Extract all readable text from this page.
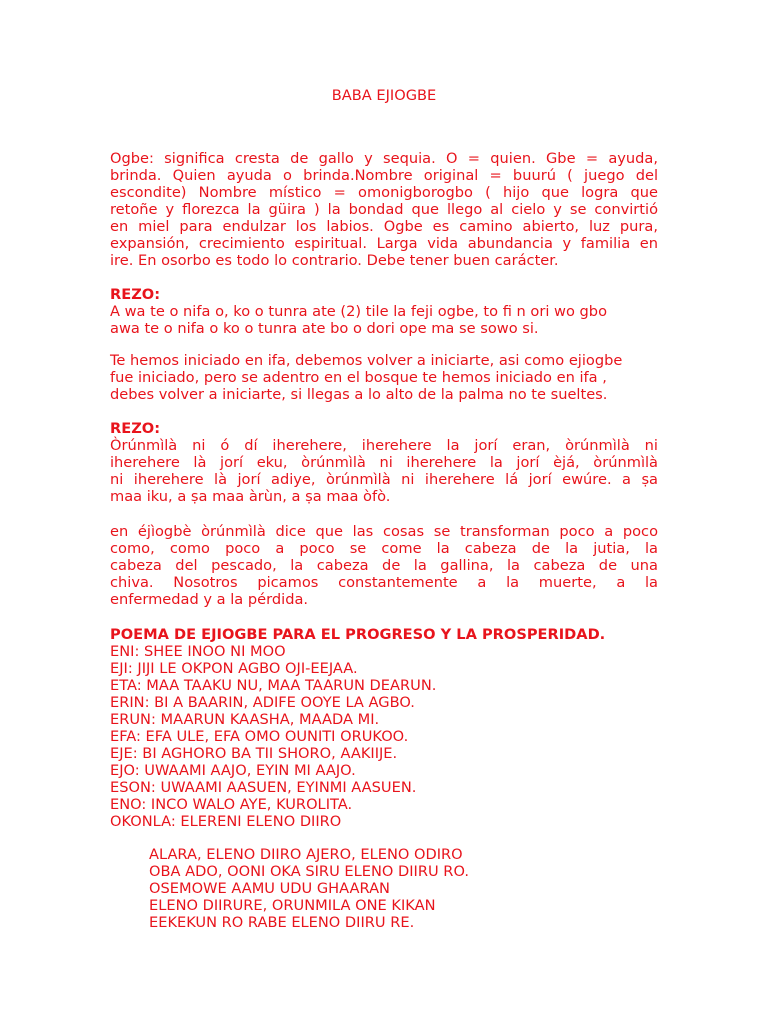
BABA EJIOGBE
Ogbe: significa cresta de gallo y sequia. O = quien. Gbe = ayuda,
brinda. Quien ayuda o brinda.Nombre original = buurú ( juego del
escondite) Nombre místico = omonigborogbo ( hijo que logra que
retoñe y florezca la güira ) la bondad que llego al cielo y se convirtió
en miel para endulzar los labios. Ogbe es camino abierto, luz pura,
expansión, crecimiento espiritual. Larga vida abundancia y familia en
ire. En osorbo es todo lo contrario. Debe tener buen carácter.
REZO:
A wa te o nifa o, ko o tunra ate (2) tile la feji ogbe, to fi n ori wo gbo
awa te o nifa o ko o tunra ate bo o dori ope ma se sowo si.
Te hemos iniciado en ifa, debemos volver a iniciarte, asi como ejiogbe
fue iniciado, pero se adentro en el bosque te hemos iniciado en ifa ,
debes volver a iniciarte, si llegas a lo alto de la palma no te sueltes.
REZO:
Òrúnmìlà ni ó dí iherehere, iherehere la jorí eran, òrúnmìlà ni
iherehere là jorí eku, òrúnmìlà ni iherehere la jorí èjá, òrúnmìlà
ni iherehere là jorí adiye, òrúnmìlà ni iherehere lá jorí ewúre. a ṣa
maa iku, a ṣa maa àrùn, a ṣa maa òfò.
en éjìogbè òrúnmìlà dice que las cosas se transforman poco a poco
como, como poco a poco se come la cabeza de la jutia, la
cabeza del pescado, la cabeza de la gallina, la cabeza de una
chiva. Nosotros picamos constantemente a la muerte, a la
enfermedad y a la pérdida.
POEMA DE EJIOGBE PARA EL PROGRESO Y LA PROSPERIDAD.
ENI: SHEE INOO NI MOO
EJI: JIJI LE OKPON AGBO OJI-EEJAA.
ETA: MAA TAAKU NU, MAA TAARUN DEARUN.
ERIN: BI A BAARIN, ADIFE OOYE LA AGBO.
ERUN: MAARUN KAASHA, MAADA MI.
EFA: EFA ULE, EFA OMO OUNITI ORUKOO.
EJE: BI AGHORO BA TII SHORO, AAKIIJE.
EJO: UWAAMI AAJO, EYIN MI AAJO.
ESON: UWAAMI AASUEN, EYINMI AASUEN.
ENO: INCO WALO AYE, KUROLITA.
OKONLA: ELERENI ELENO DIIRO
ALARA, ELENO DIIRO AJERO, ELENO ODIRO
OBA ADO, OONI OKA SIRU ELENO DIIRU RO.
OSEMOWE AAMU UDU GHAARAN
ELENO DIIRURE, ORUNMILA ONE KIKAN
EEKEKUN RO RABE ELENO DIIRU RE.
